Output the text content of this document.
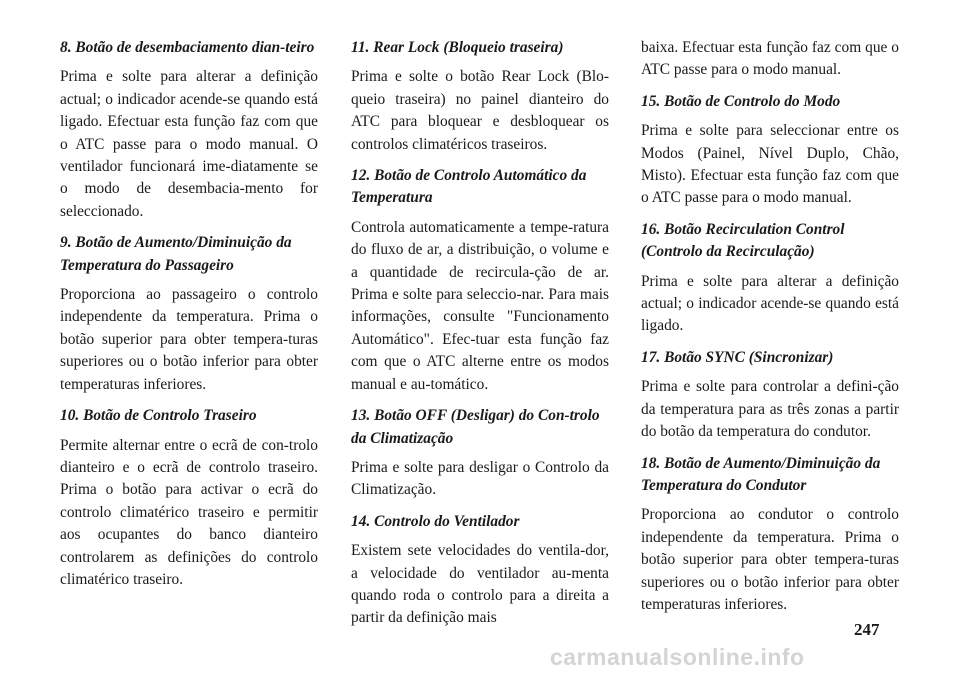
8. Botão de desembaciamento dian-teiro
Prima e solte para alterar a definição actual; o indicador acende-se quando está ligado. Efectuar esta função faz com que o ATC passe para o modo manual. O ventilador funcionará ime-diatamente se o modo de desembacia-mento for seleccionado.
9. Botão de Aumento/Diminuição da Temperatura do Passageiro
Proporciona ao passageiro o controlo independente da temperatura. Prima o botão superior para obter tempera-turas superiores ou o botão inferior para obter temperaturas inferiores.
10. Botão de Controlo Traseiro
Permite alternar entre o ecrã de con-trolo dianteiro e o ecrã de controlo traseiro. Prima o botão para activar o ecrã do controlo climatérico traseiro e permitir aos ocupantes do banco dianteiro controlarem as definições do controlo climatérico traseiro.
11. Rear Lock (Bloqueio traseira)
Prima e solte o botão Rear Lock (Blo-queio traseira) no painel dianteiro do ATC para bloquear e desbloquear os controlos climatéricos traseiros.
12. Botão de Controlo Automático da Temperatura
Controla automaticamente a tempe-ratura do fluxo de ar, a distribuição, o volume e a quantidade de recircula-ção de ar. Prima e solte para seleccio-nar. Para mais informações, consulte "Funcionamento Automático". Efec-tuar esta função faz com que o ATC alterne entre os modos manual e au-tomático.
13. Botão OFF (Desligar) do Con-trolo da Climatização
Prima e solte para desligar o Controlo da Climatização.
14. Controlo do Ventilador
Existem sete velocidades do ventila-dor, a velocidade do ventilador au-menta quando roda o controlo para a direita a partir da definição mais
baixa. Efectuar esta função faz com que o ATC passe para o modo manual.
15. Botão de Controlo do Modo
Prima e solte para seleccionar entre os Modos (Painel, Nível Duplo, Chão, Misto). Efectuar esta função faz com que o ATC passe para o modo manual.
16. Botão Recirculation Control (Controlo da Recirculação)
Prima e solte para alterar a definição actual; o indicador acende-se quando está ligado.
17. Botão SYNC (Sincronizar)
Prima e solte para controlar a defini-ção da temperatura para as três zonas a partir do botão da temperatura do condutor.
18. Botão de Aumento/Diminuição da Temperatura do Condutor
Proporciona ao condutor o controlo independente da temperatura. Prima o botão superior para obter tempera-turas superiores ou o botão inferior para obter temperaturas inferiores.
247
carmanualsonline.info
